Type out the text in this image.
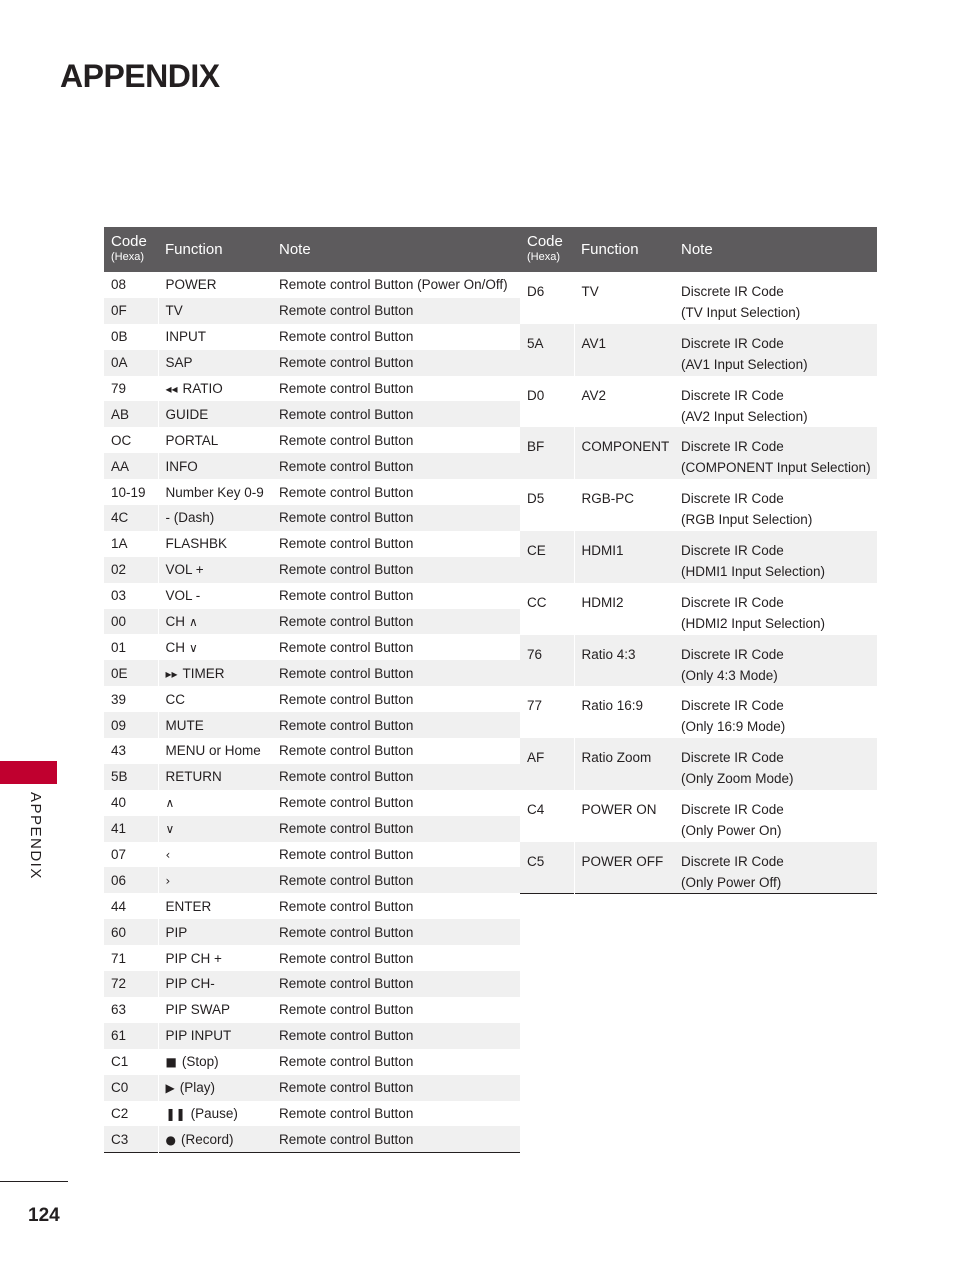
APPENDIX
Code
(Hexa)	Function	Note
08	POWER	Remote control Button (Power On/Off)
0F	TV	Remote control Button
0B	INPUT	Remote control Button
0A	SAP	Remote control Button
79	◂◂ RATIO	Remote control Button
AB	GUIDE	Remote control Button
OC	PORTAL	Remote control Button
AA	INFO	Remote control Button
10-19	Number Key 0-9	Remote control Button
4C	- (Dash)	Remote control Button
1A	FLASHBK	Remote control Button
02	VOL +	Remote control Button
03	VOL -	Remote control Button
00	CH ∧	Remote control Button
01	CH ∨	Remote control Button
0E	▸▸ TIMER	Remote control Button
39	CC	Remote control Button
09	MUTE	Remote control Button
43	MENU or Home	Remote control Button
5B	RETURN	Remote control Button
40	∧	Remote control Button
41	∨	Remote control Button
07	‹	Remote control Button
06	›	Remote control Button
44	ENTER	Remote control Button
60	PIP	Remote control Button
71	PIP CH +	Remote control Button
72	PIP CH-	Remote control Button
63	PIP SWAP	Remote control Button
61	PIP INPUT	Remote control Button
C1	■ (Stop)	Remote control Button
C0	▶ (Play)	Remote control Button
C2	❚❚ (Pause)	Remote control Button
C3	● (Record)	Remote control Button
Code
(Hexa)	Function	Note
D6	TV	Discrete IR Code
(TV Input Selection)

5A	AV1	Discrete IR Code
(AV1 Input Selection)

D0	AV2	Discrete IR Code
(AV2 Input Selection)

BF	COMPONENT	Discrete IR Code
(COMPONENT Input Selection)

D5	RGB-PC	Discrete IR Code
(RGB Input Selection)

CE	HDMI1	Discrete IR Code
(HDMI1 Input Selection)

CC	HDMI2	Discrete IR Code
(HDMI2 Input Selection)

76	Ratio 4:3	Discrete IR Code
(Only 4:3 Mode)

77	Ratio 16:9	Discrete IR Code
(Only 16:9 Mode)

AF	Ratio Zoom	Discrete IR Code
(Only Zoom Mode)

C4	POWER ON	Discrete IR Code
(Only Power On)

C5	POWER OFF	Discrete IR Code
(Only Power Off)
APPENDIX
124
